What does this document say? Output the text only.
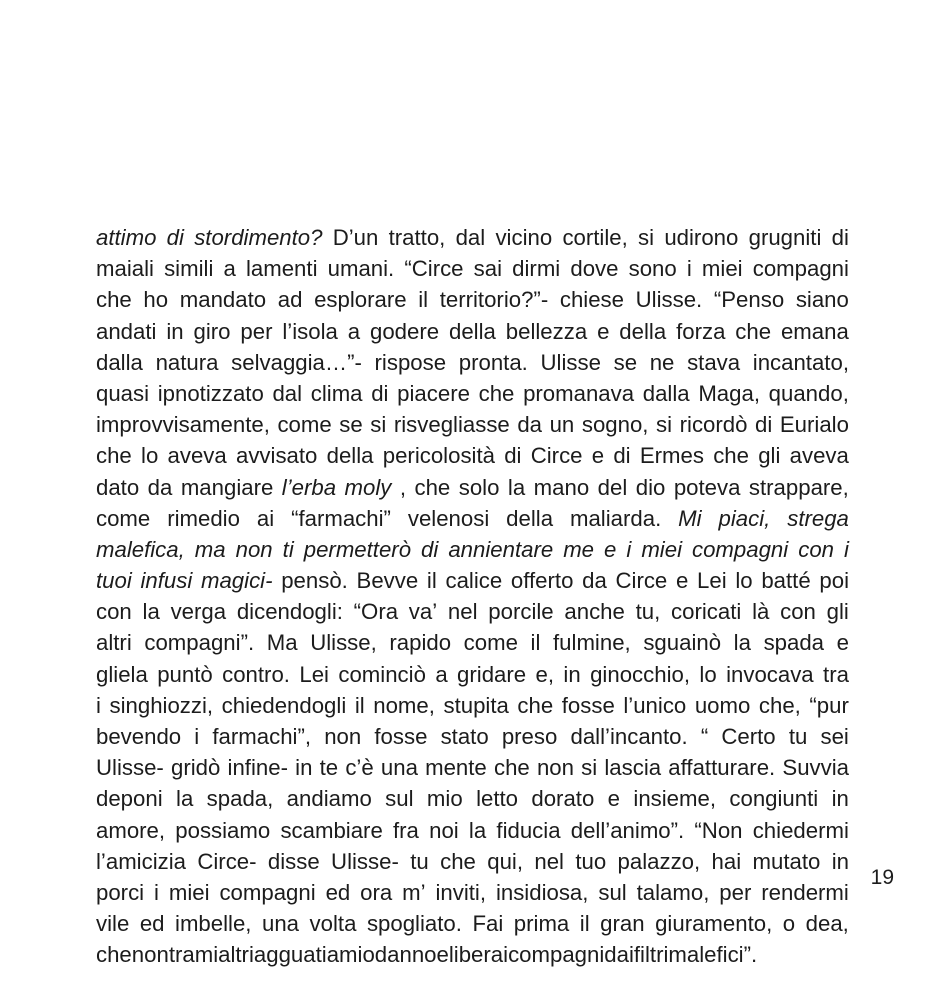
attimo di stordimento? D’un tratto, dal vicino cortile, si udirono grugniti di
maiali simili a lamenti umani. “Circe sai dirmi dove sono i miei compagni
che ho mandato ad esplorare il territorio?”- chiese Ulisse. “Penso siano
andati in giro per l’isola a godere della bellezza e della forza che emana
dalla natura selvaggia…”- rispose pronta. Ulisse se ne stava incantato,
quasi ipnotizzato dal clima di piacere che promanava dalla Maga, quando,
improvvisamente, come se si risvegliasse da un sogno, si ricordò di Eurialo
che lo aveva avvisato della pericolosità di Circe e di Ermes che gli aveva
dato da mangiare l’erba moly , che solo la mano del dio poteva strappare,
come rimedio ai “farmachi” velenosi della maliarda. Mi piaci, strega
malefica, ma non ti permetterò di annientare me e i miei compagni con i
tuoi infusi magici- pensò. Bevve il calice offerto da Circe e Lei lo batté poi
con la verga dicendogli: “Ora va’ nel porcile anche tu, coricati là con gli
altri compagni”. Ma Ulisse, rapido come il fulmine, sguainò la spada e
gliela puntò contro. Lei cominciò a gridare e, in ginocchio, lo invocava tra
i singhiozzi, chiedendogli il nome, stupita che fosse l’unico uomo che, “pur
bevendo i farmachi”, non fosse stato preso dall’incanto. “ Certo tu sei
Ulisse- gridò infine- in te c’è una mente che non si lascia affatturare. Suvvia
deponi la spada, andiamo sul mio letto dorato e insieme, congiunti in
amore, possiamo scambiare fra noi la fiducia dell’animo”. “Non chiedermi
l’amicizia Circe- disse Ulisse- tu che qui, nel tuo palazzo, hai mutato in
porci i miei compagni ed ora m’ inviti, insidiosa, sul talamo, per rendermi
vile ed imbelle, una volta spogliato. Fai prima il gran giuramento, o dea,
che non trami altri agguati a mio danno e libera i compagni dai filtri malefici”.
19
